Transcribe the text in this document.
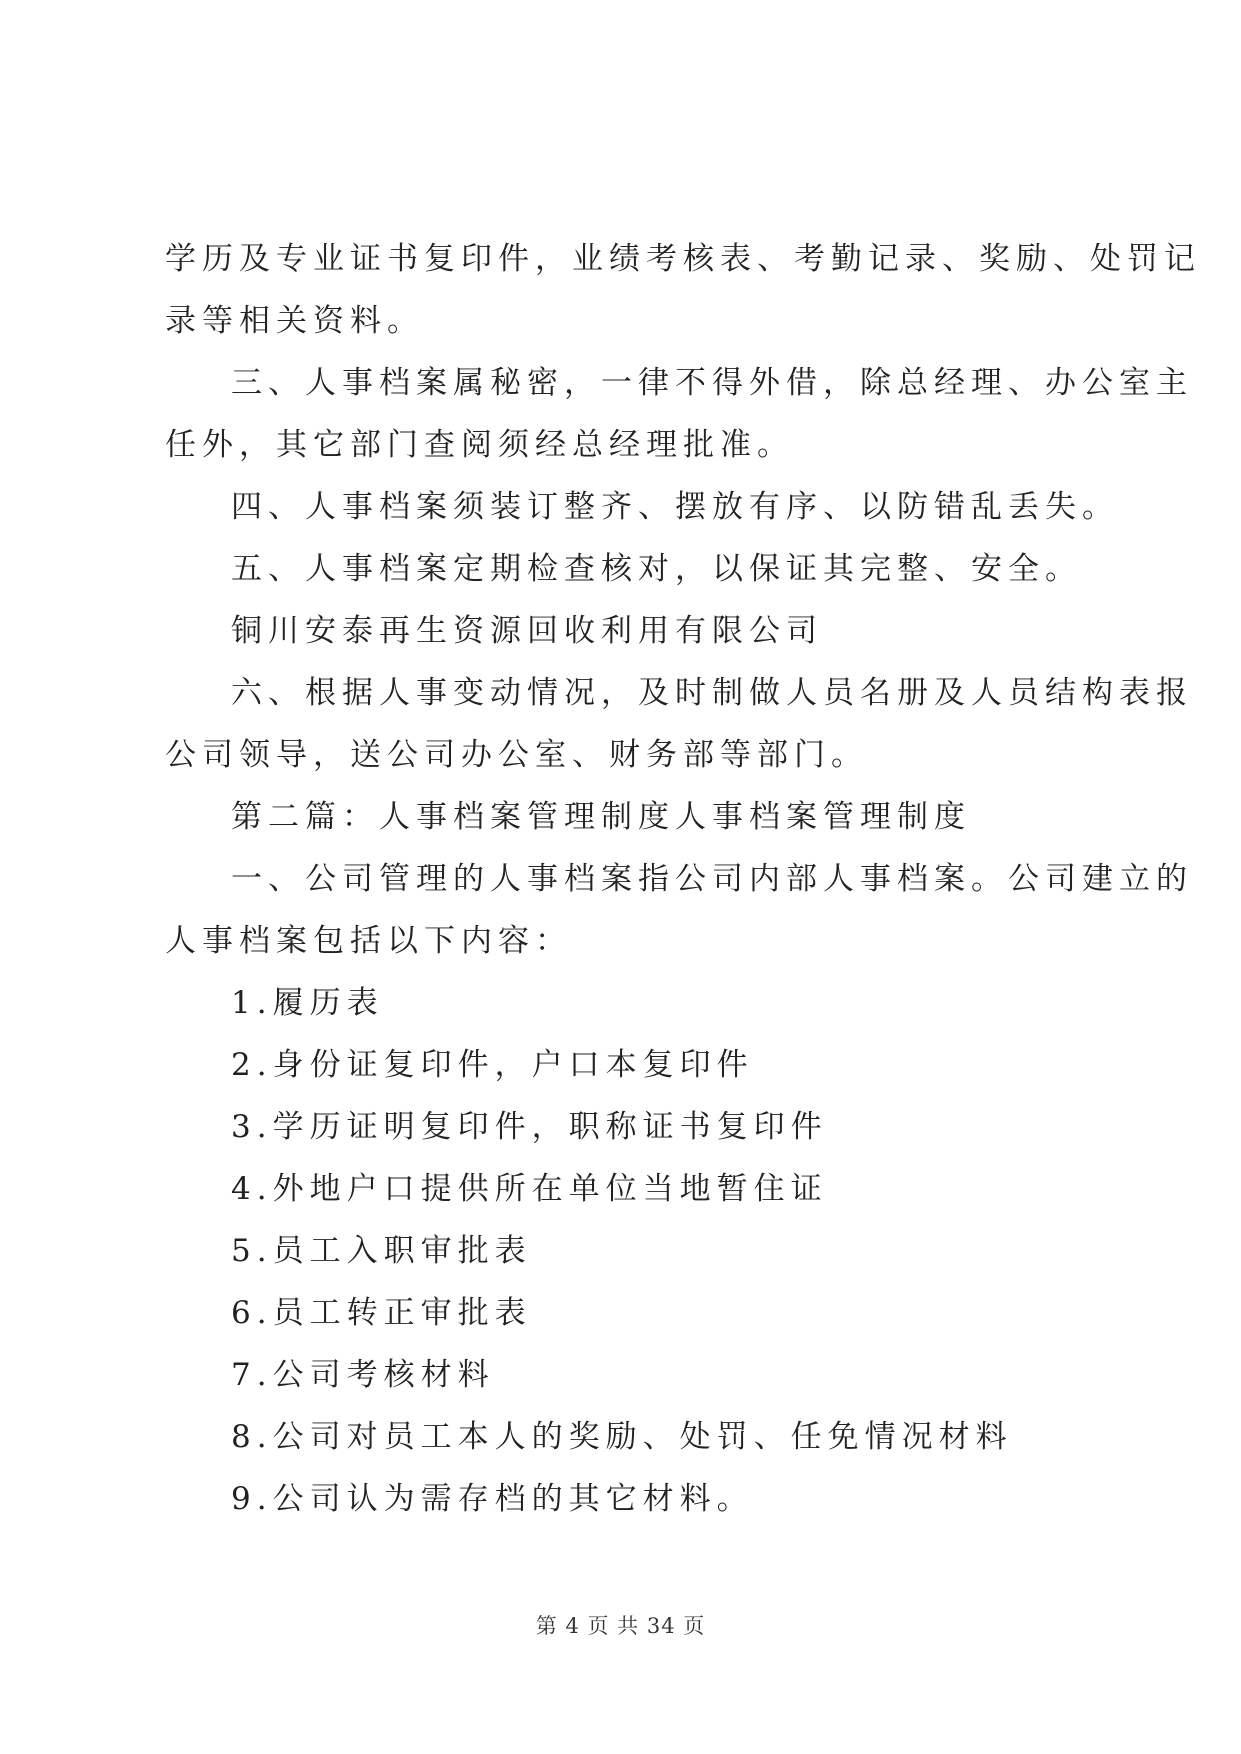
学历及专业证书复印件，业绩考核表、考勤记录、奖励、处罚记

录等相关资料。

三、人事档案属秘密，一律不得外借，除总经理、办公室主

任外，其它部门查阅须经总经理批准。

四、人事档案须装订整齐、摆放有序、以防错乱丢失。

五、人事档案定期检查核对，以保证其完整、安全。

铜川安泰再生资源回收利用有限公司

六、根据人事变动情况，及时制做人员名册及人员结构表报

公司领导，送公司办公室、财务部等部门。

第二篇：人事档案管理制度人事档案管理制度

一、公司管理的人事档案指公司内部人事档案。公司建立的

人事档案包括以下内容：

1.履历表

2.身份证复印件，户口本复印件

3.学历证明复印件，职称证书复印件

4.外地户口提供所在单位当地暂住证

5.员工入职审批表

6.员工转正审批表

7.公司考核材料

8.公司对员工本人的奖励、处罚、任免情况材料

9.公司认为需存档的其它材料。

第 4 页 共 34 页
